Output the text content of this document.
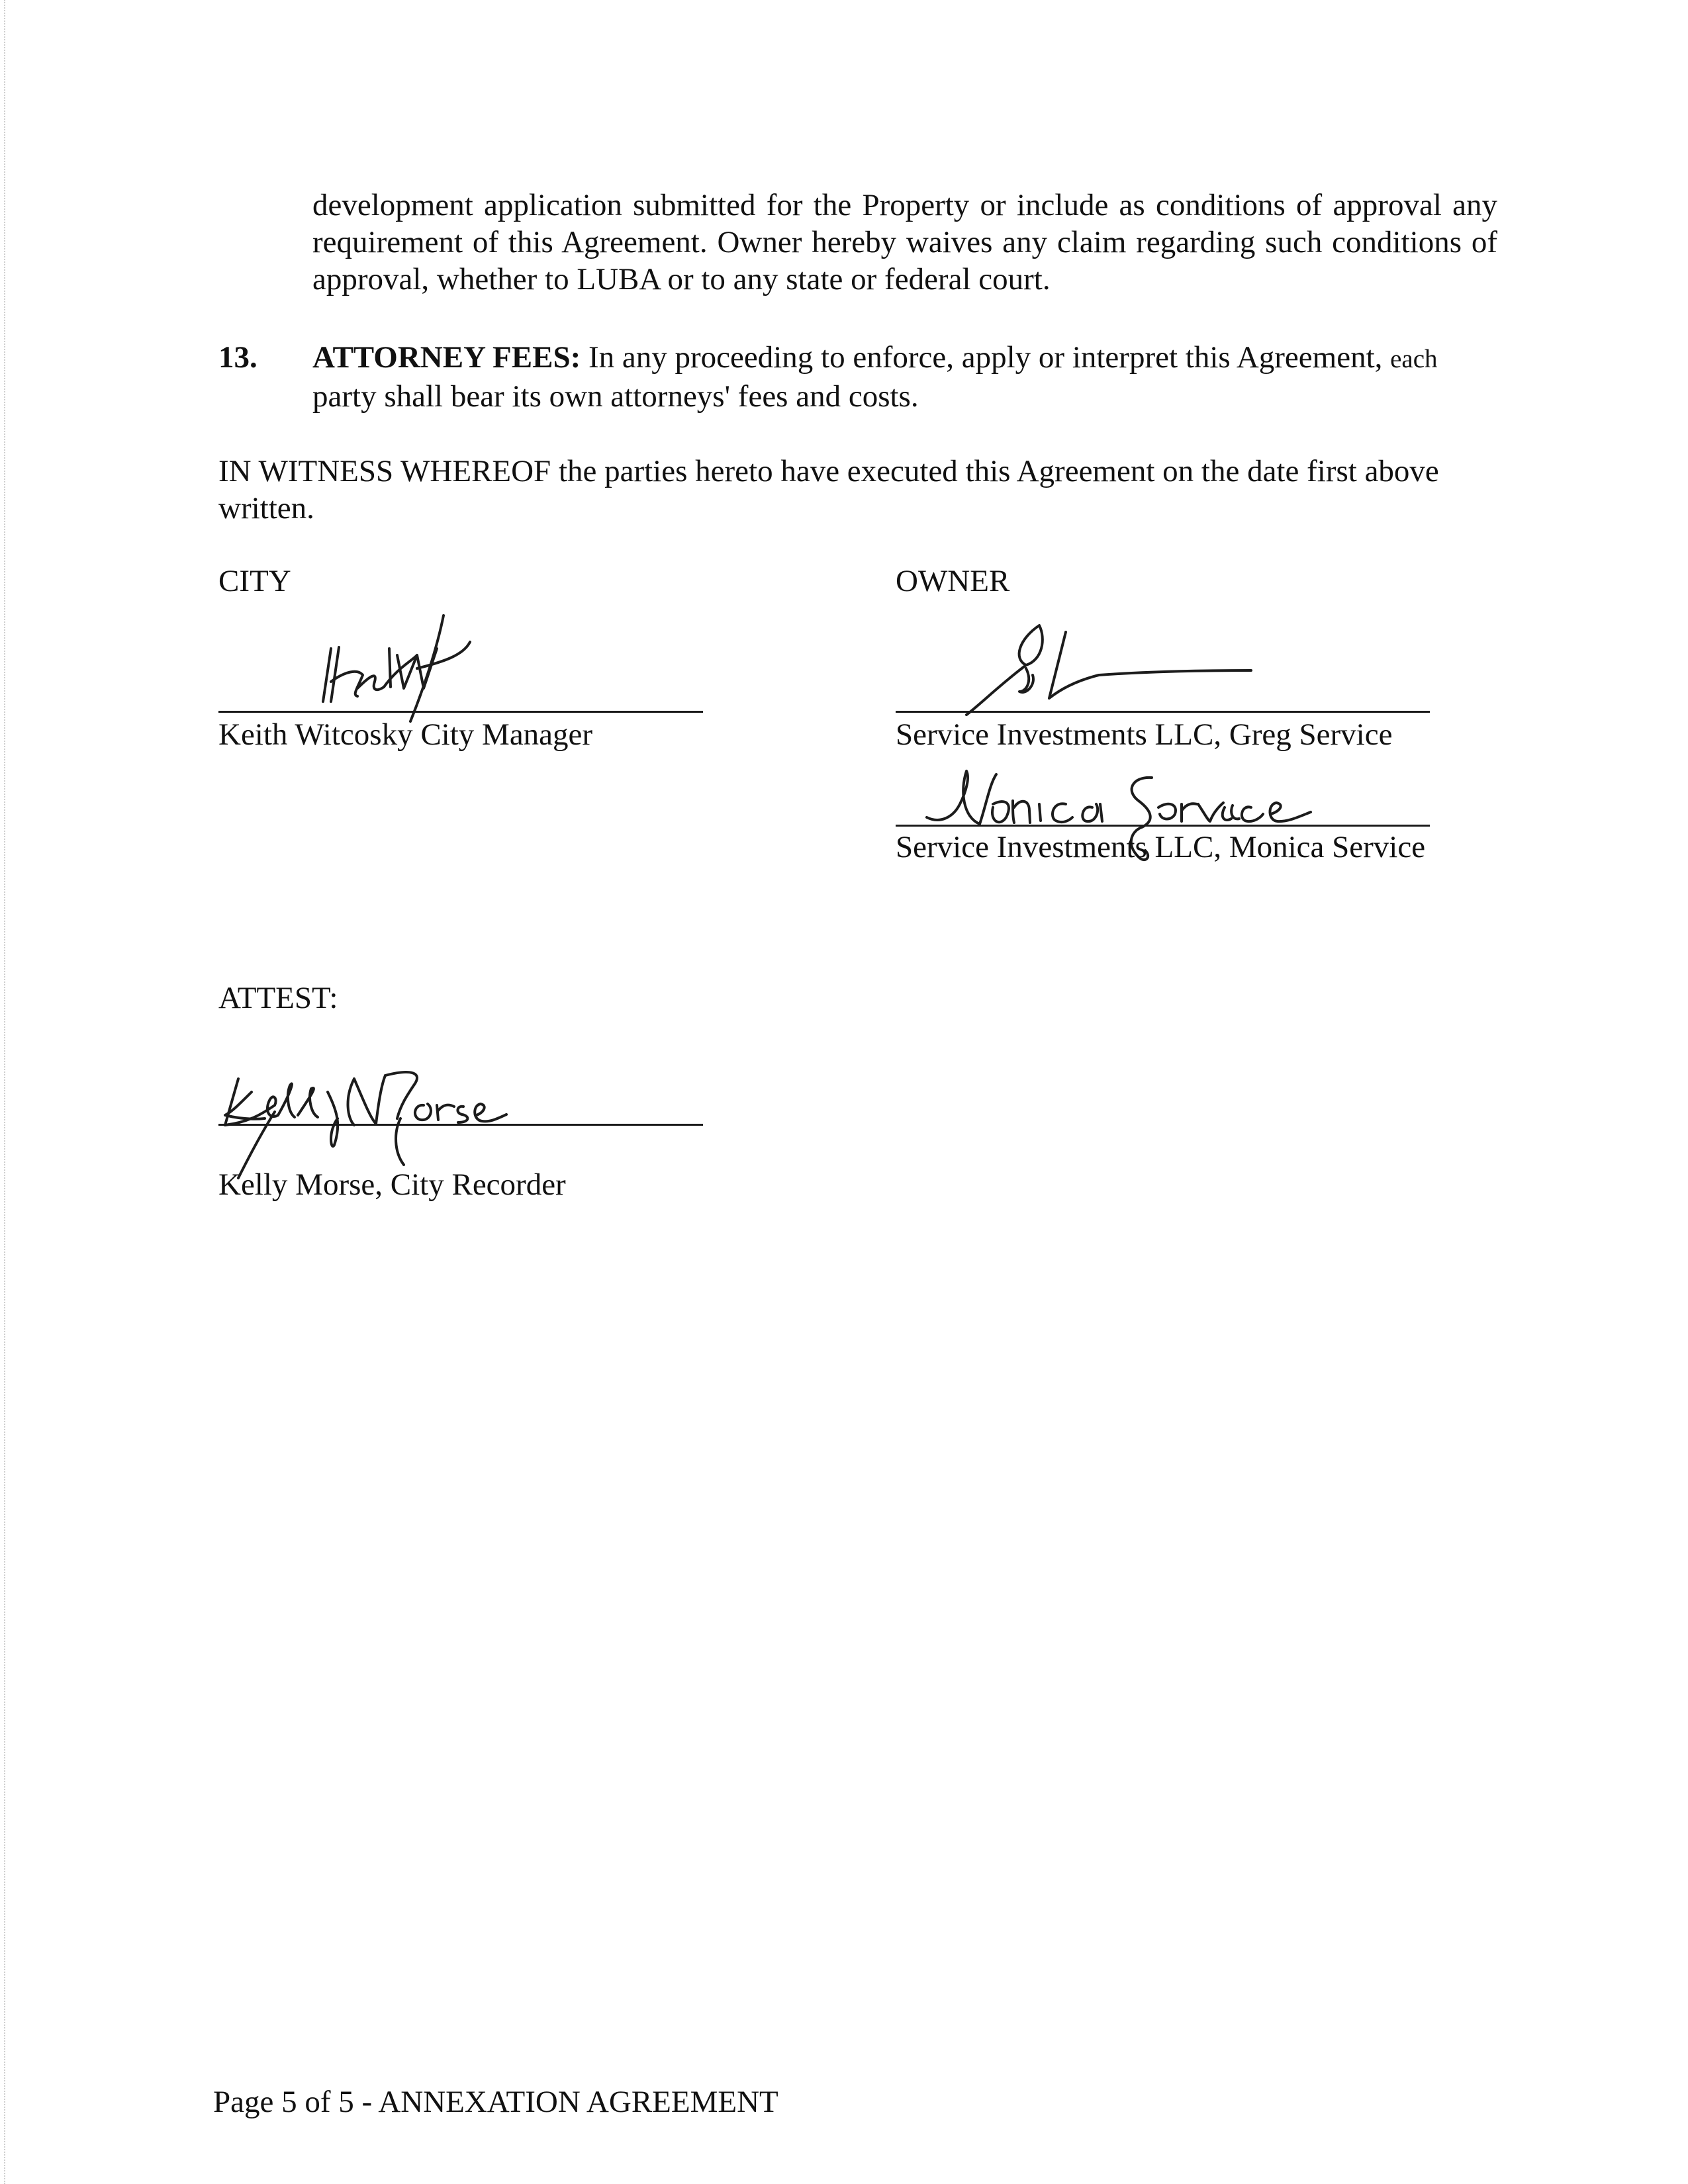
development application submitted for the Property or include as conditions of approval any requirement of this Agreement. Owner hereby waives any claim regarding such conditions of approval, whether to LUBA or to any state or federal court.
13. ATTORNEY FEES: In any proceeding to enforce, apply or interpret this Agreement, each party shall bear its own attorneys' fees and costs.
IN WITNESS WHEREOF the parties hereto have executed this Agreement on the date first above written.
CITY
Keith Witcosky City Manager
OWNER
Service Investments LLC, Greg Service
Service Investments LLC, Monica Service
ATTEST:
Kelly Morse, City Recorder
Page 5 of 5 - ANNEXATION AGREEMENT
